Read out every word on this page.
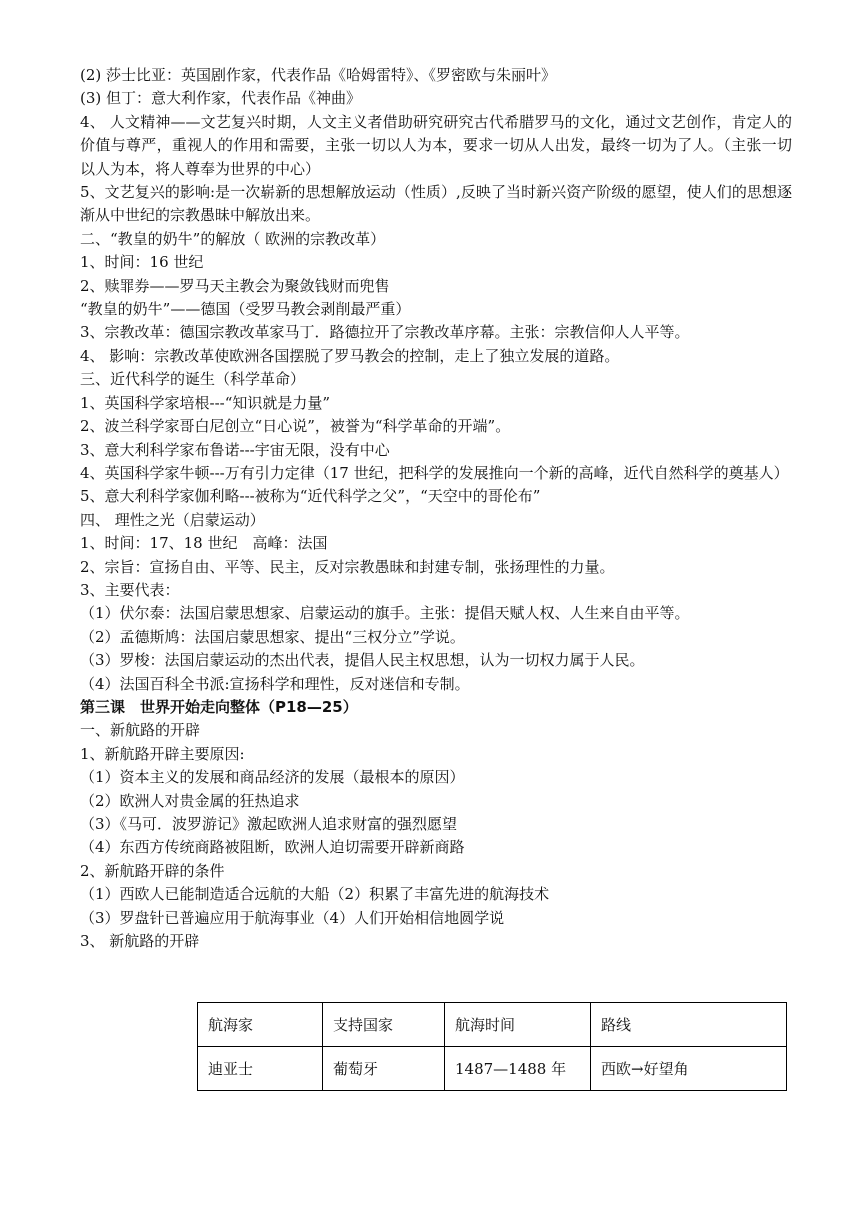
(2) 莎士比亚：英国剧作家，代表作品《哈姆雷特》、《罗密欧与朱丽叶》
(3) 但丁：意大利作家，代表作品《神曲》
4、 人文精神——文艺复兴时期，人文主义者借助研究研究古代希腊罗马的文化，通过文艺创作，肯定人的价值与尊严，重视人的作用和需要，主张一切以人为本，要求一切从人出发，最终一切为了人。（主张一切以人为本，将人尊奉为世界的中心）
5、文艺复兴的影响:是一次崭新的思想解放运动（性质）,反映了当时新兴资产阶级的愿望，使人们的思想逐渐从中世纪的宗教愚昧中解放出来。
二、“教皇的奶牛”的解放（ 欧洲的宗教改革）
1、时间：16 世纪
2、赎罪券——罗马天主教会为聚敛钱财而兜售
“教皇的奶牛”——德国（受罗马教会剥削最严重）
3、宗教改革：德国宗教改革家马丁．路德拉开了宗教改革序幕。主张：宗教信仰人人平等。
4、 影响：宗教改革使欧洲各国摆脱了罗马教会的控制，走上了独立发展的道路。
三、近代科学的诞生（科学革命）
1、英国科学家培根---“知识就是力量”
2、波兰科学家哥白尼创立“日心说”，被誉为“科学革命的开端”。
3、意大利科学家布鲁诺---宇宙无限，没有中心
4、英国科学家牛顿---万有引力定律（17 世纪，把科学的发展推向一个新的高峰，近代自然科学的奠基人）
5、意大利科学家伽利略---被称为“近代科学之父”，“天空中的哥伦布”
四、 理性之光（启蒙运动）
1、时间：17、18 世纪　高峰：法国
2、宗旨：宣扬自由、平等、民主，反对宗教愚昧和封建专制，张扬理性的力量。
3、主要代表：
（1）伏尔泰：法国启蒙思想家、启蒙运动的旗手。主张：提倡天赋人权、人生来自由平等。
（2）孟德斯鸠：法国启蒙思想家、提出“三权分立”学说。
（3）罗梭：法国启蒙运动的杰出代表，提倡人民主权思想，认为一切权力属于人民。
（4）法国百科全书派:宣扬科学和理性，反对迷信和专制。
第三课　世界开始走向整体（P18—25）
一、新航路的开辟
1、新航路开辟主要原因:
（1）资本主义的发展和商品经济的发展（最根本的原因）
（2）欧洲人对贵金属的狂热追求
（3）《马可．波罗游记》激起欧洲人追求财富的强烈愿望
（4）东西方传统商路被阻断，欧洲人迫切需要开辟新商路
2、新航路开辟的条件
（1）西欧人已能制造适合远航的大船（2）积累了丰富先进的航海技术
（3）罗盘针已普遍应用于航海事业（4）人们开始相信地圆学说
3、 新航路的开辟
航海家	支持国家	航海时间	路线
迪亚士	葡萄牙	1487—1488 年	西欧→好望角
